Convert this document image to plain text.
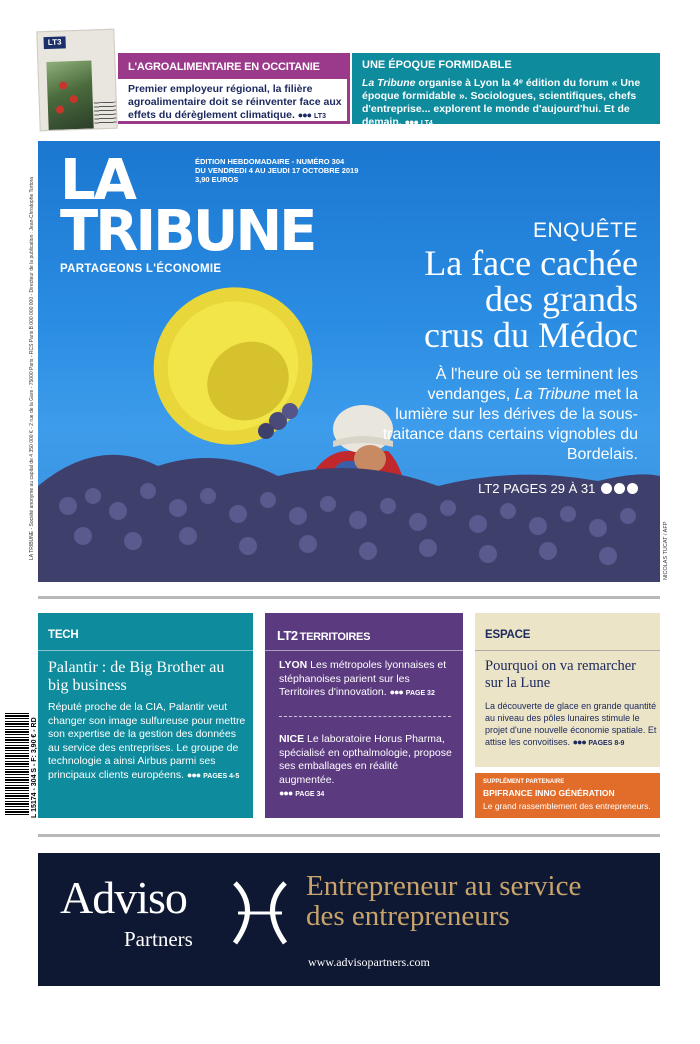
LT3
L'AGROALIMENTAIRE EN OCCITANIE
Premier employeur régional, la filière agroalimentaire doit se réinventer face aux effets du dérèglement climatique. ●●● LT3
UNE ÉPOQUE FORMIDABLE
La Tribune organise à Lyon la 4ᵉ édition du forum « Une époque formidable ». Sociologues, scientifiques, chefs d'entreprise... explorent le monde d'aujourd'hui. Et de demain. ●●● LT4
LA TRIBUNE - Société anonyme au capital de 4 350 000 € - 2 rue de la Gare - 75000 Paris - RCS Paris B 000 000 000 - Directeur de la publication : Jean-Christophe Tortora LA
TRIBUNE
PARTAGEONS L'ÉCONOMIE
ÉDITION HEBDOMADAIRE - NUMÉRO 304
DU VENDREDI 4 AU JEUDI 17 OCTOBRE 2019
3,90 EUROS
ENQUÊTE
La face cachée
des grands
crus du Médoc
À l'heure où se terminent les vendanges, La Tribune met la lumière sur les dérives de la sous-traitance dans certains vignobles du Bordelais.
LT2 PAGES 29 À 31
NICOLAS TUCAT / AFP
TECH
Palantir : de Big Brother au big business
Réputé proche de la CIA, Palantir veut changer son image sulfureuse pour mettre son expertise de la gestion des données au service des entreprises. Le groupe de technologie a ainsi Airbus parmi ses principaux clients européens. ●●● PAGES 4-5
LT2 TERRITOIRES
LYON Les métropoles lyonnaises et stéphanoises parient sur les Territoires d'innovation. ●●● PAGE 32
NICE Le laboratoire Horus Pharma, spécialisé en opthalmologie, propose ses emballages en réalité augmentée.
●●● PAGE 34
ESPACE
Pourquoi on va remarcher sur la Lune
La découverte de glace en grande quantité au niveau des pôles lunaires stimule le projet d'une nouvelle économie spatiale. Et attise les convoitises. ●●● PAGES 8-9
SUPPLÉMENT PARTENAIRE
BPIFRANCE INNO GÉNÉRATION
Le grand rassemblement des entrepreneurs.
L 15174 - 304 S - F: 3,90 € - RD
Adviso
Partners
Entrepreneur au service
des entrepreneurs
www.advisopartners.com
